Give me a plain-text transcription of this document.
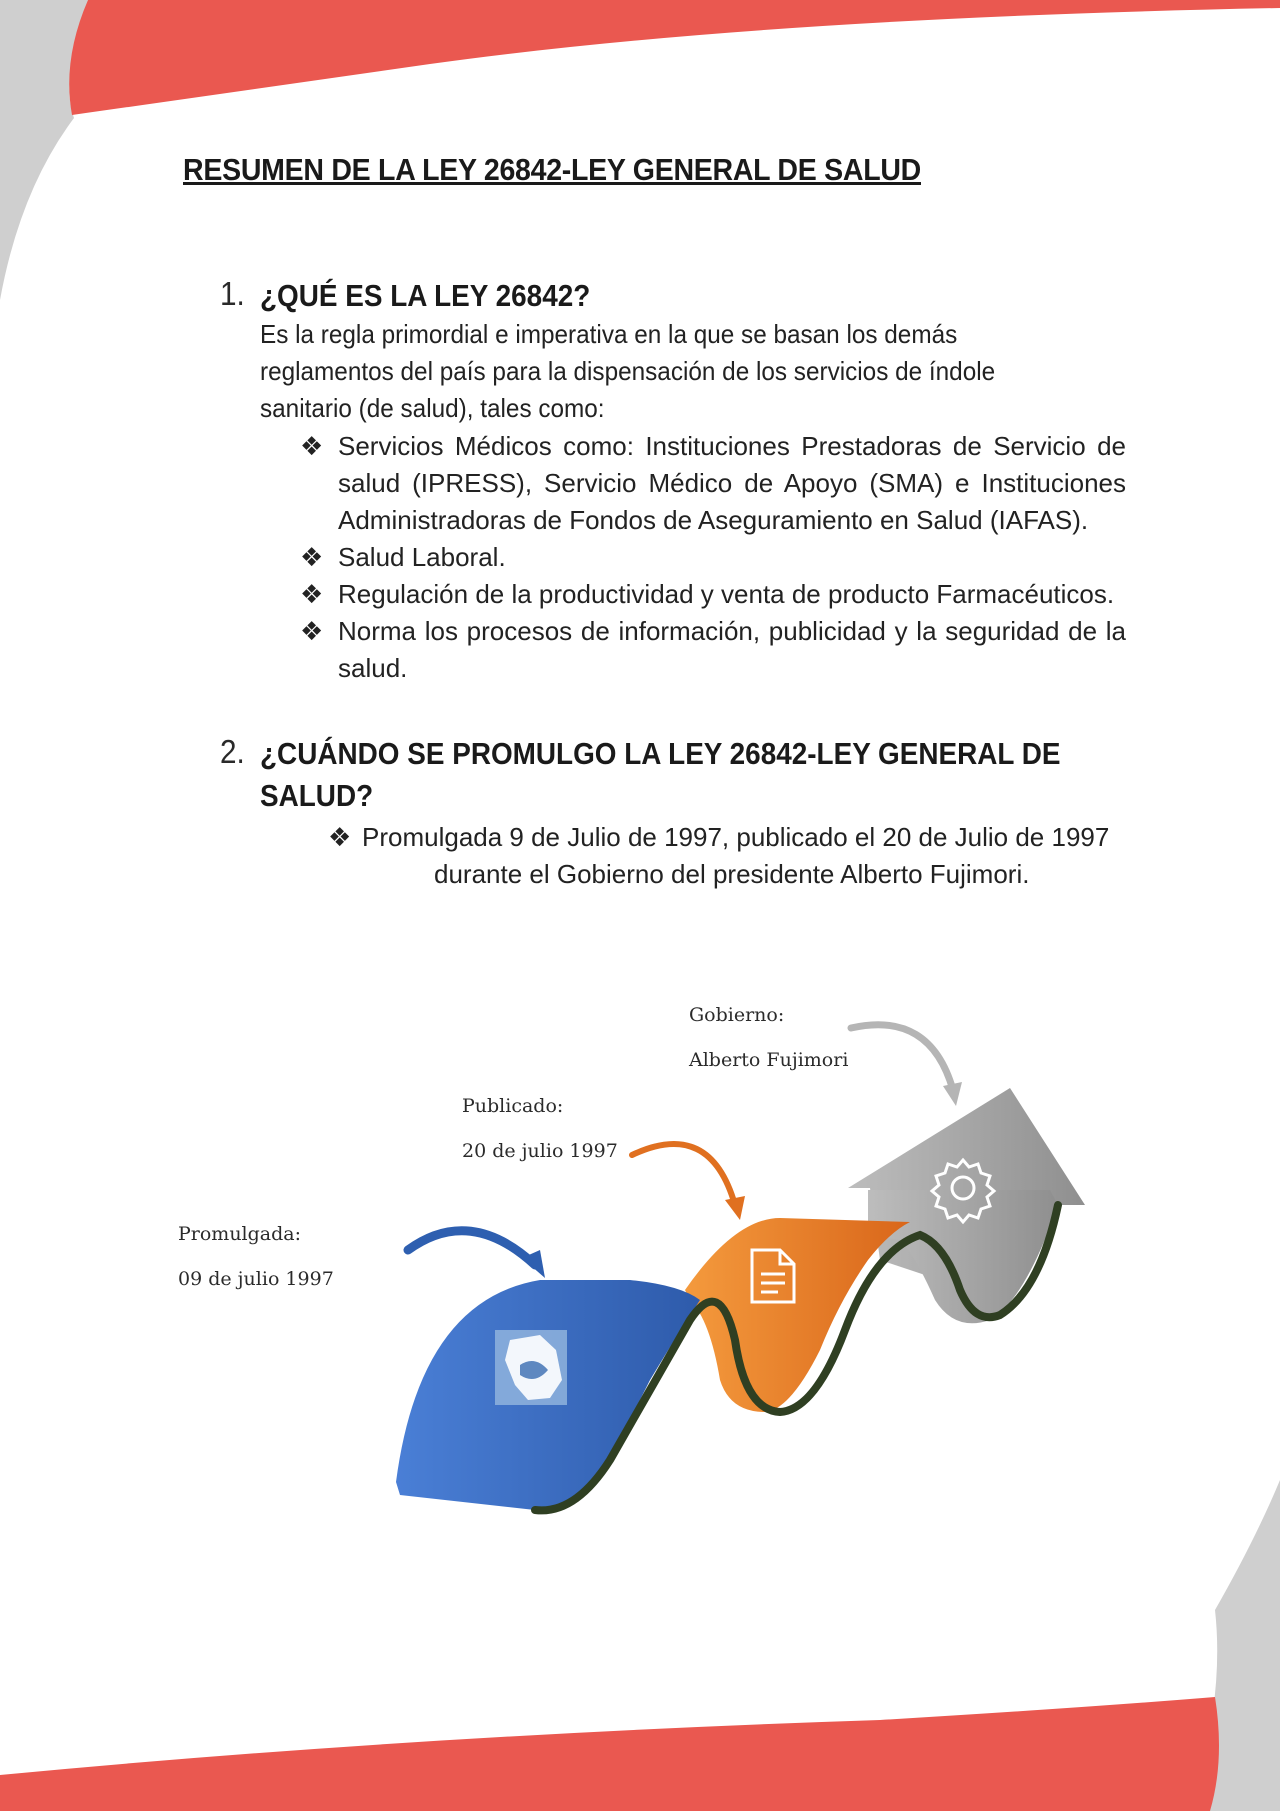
RESUMEN DE LA LEY 26842-LEY GENERAL DE SALUD
1. ¿QUÉ ES LA LEY 26842?
Es la regla primordial e imperativa en la que se basan los demás reglamentos del país para la dispensación de los servicios de índole sanitario (de salud), tales como:
❖ Servicios Médicos como: Instituciones Prestadoras de Servicio de salud (IPRESS), Servicio Médico de Apoyo (SMA) e Instituciones Administradoras de Fondos de Aseguramiento en Salud (IAFAS).
❖ Salud Laboral.
❖ Regulación de la productividad y venta de producto Farmacéuticos.
❖ Norma los procesos de información, publicidad y la seguridad de la salud.
2. ¿CUÁNDO SE PROMULGO LA LEY 26842-LEY GENERAL DE
SALUD?
❖ Promulgada 9 de Julio de 1997, publicado el 20 de Julio de 1997
durante el Gobierno del presidente Alberto Fujimori.
Promulgada:
09 de julio 1997
Publicado:
20 de julio 1997
Gobierno:
Alberto Fujimori
